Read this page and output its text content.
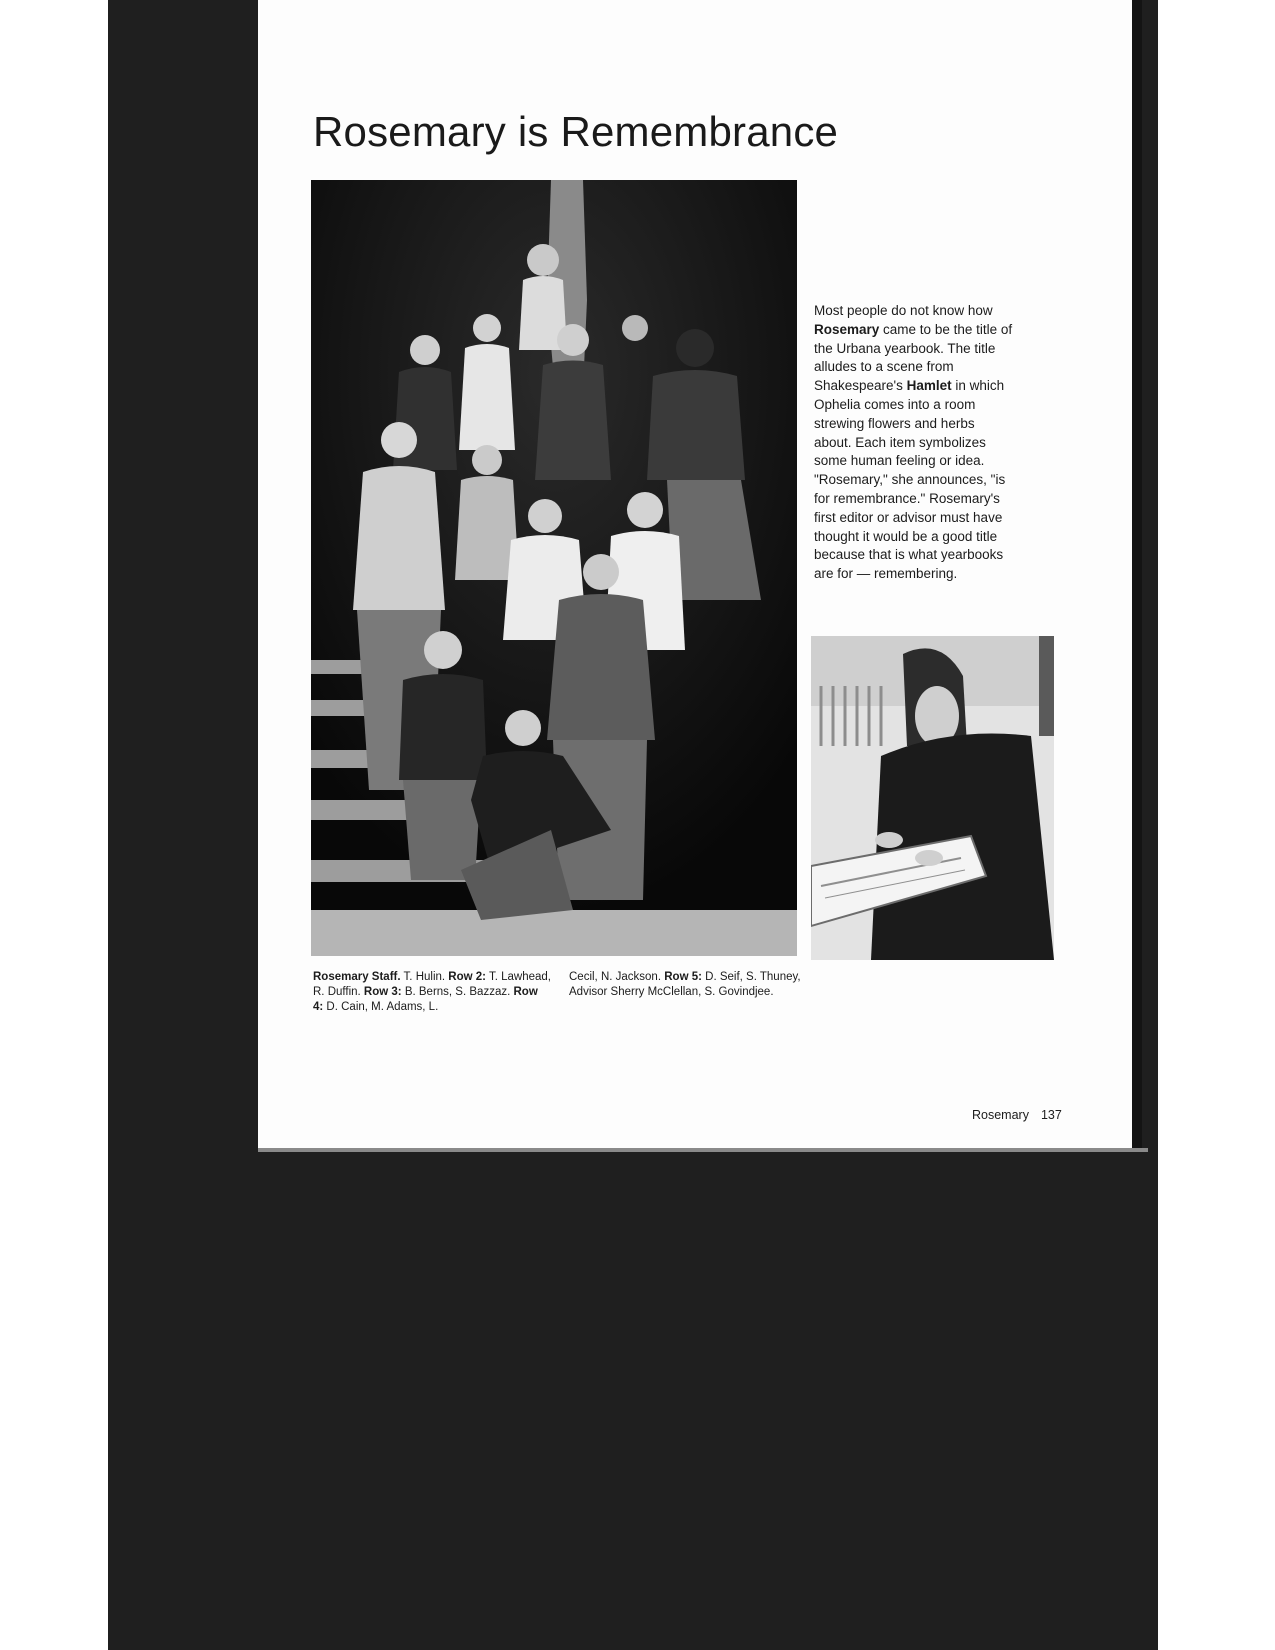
Rosemary is Remembrance

Most people do not know how Rosemary came to be the title of the Urbana yearbook. The title alludes to a scene from Shakespeare's Hamlet in which Ophelia comes into a room strewing flowers and herbs about. Each item symbolizes some human feeling or idea. "Rosemary," she announces, "is for remembrance." Rosemary's first editor or advisor must have thought it would be a good title because that is what yearbooks are for — remembering.

Rosemary Staff. T. Hulin. Row 2: T. Lawhead, R. Duffin. Row 3: B. Berns, S. Bazzaz. Row 4: D. Cain, M. Adams, L.

Cecil, N. Jackson. Row 5: D. Seif, S. Thuney, Advisor Sherry McClellan, S. Govindjee.

Rosemary 137
